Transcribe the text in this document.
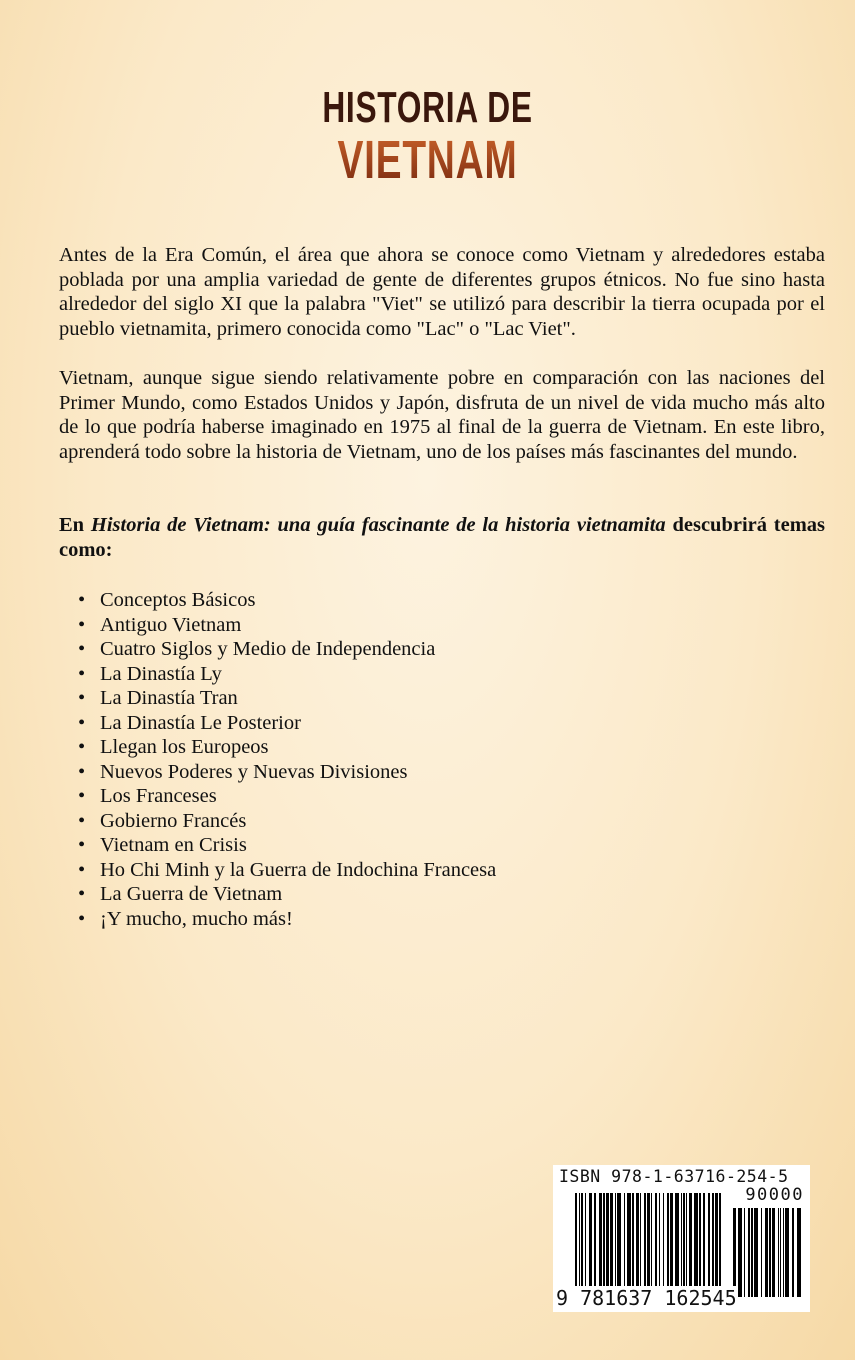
HISTORIA DE
VIETNAM

Antes de la Era Común, el área que ahora se conoce como Vietnam y alrededores estaba poblada por una amplia variedad de gente de diferentes grupos étnicos. No fue sino hasta alrededor del siglo XI que la palabra "Viet" se utilizó para describir la tierra ocupada por el pueblo vietnamita, primero conocida como "Lac" o "Lac Viet".

Vietnam, aunque sigue siendo relativamente pobre en comparación con las naciones del Primer Mundo, como Estados Unidos y Japón, disfruta de un nivel de vida mucho más alto de lo que podría haberse imaginado en 1975 al final de la guerra de Vietnam. En este libro, aprenderá todo sobre la historia de Vietnam, uno de los países más fascinantes del mundo.

En Historia de Vietnam: una guía fascinante de la historia vietnamita descubrirá temas como:

• Conceptos Básicos
• Antiguo Vietnam
• Cuatro Siglos y Medio de Independencia
• La Dinastía Ly
• La Dinastía Tran
• La Dinastía Le Posterior
• Llegan los Europeos
• Nuevos Poderes y Nuevas Divisiones
• Los Franceses
• Gobierno Francés
• Vietnam en Crisis
• Ho Chi Minh y la Guerra de Indochina Francesa
• La Guerra de Vietnam
• ¡Y mucho, mucho más!
ISBN 978-1-63716-254-5
90000
9 781637 162545
